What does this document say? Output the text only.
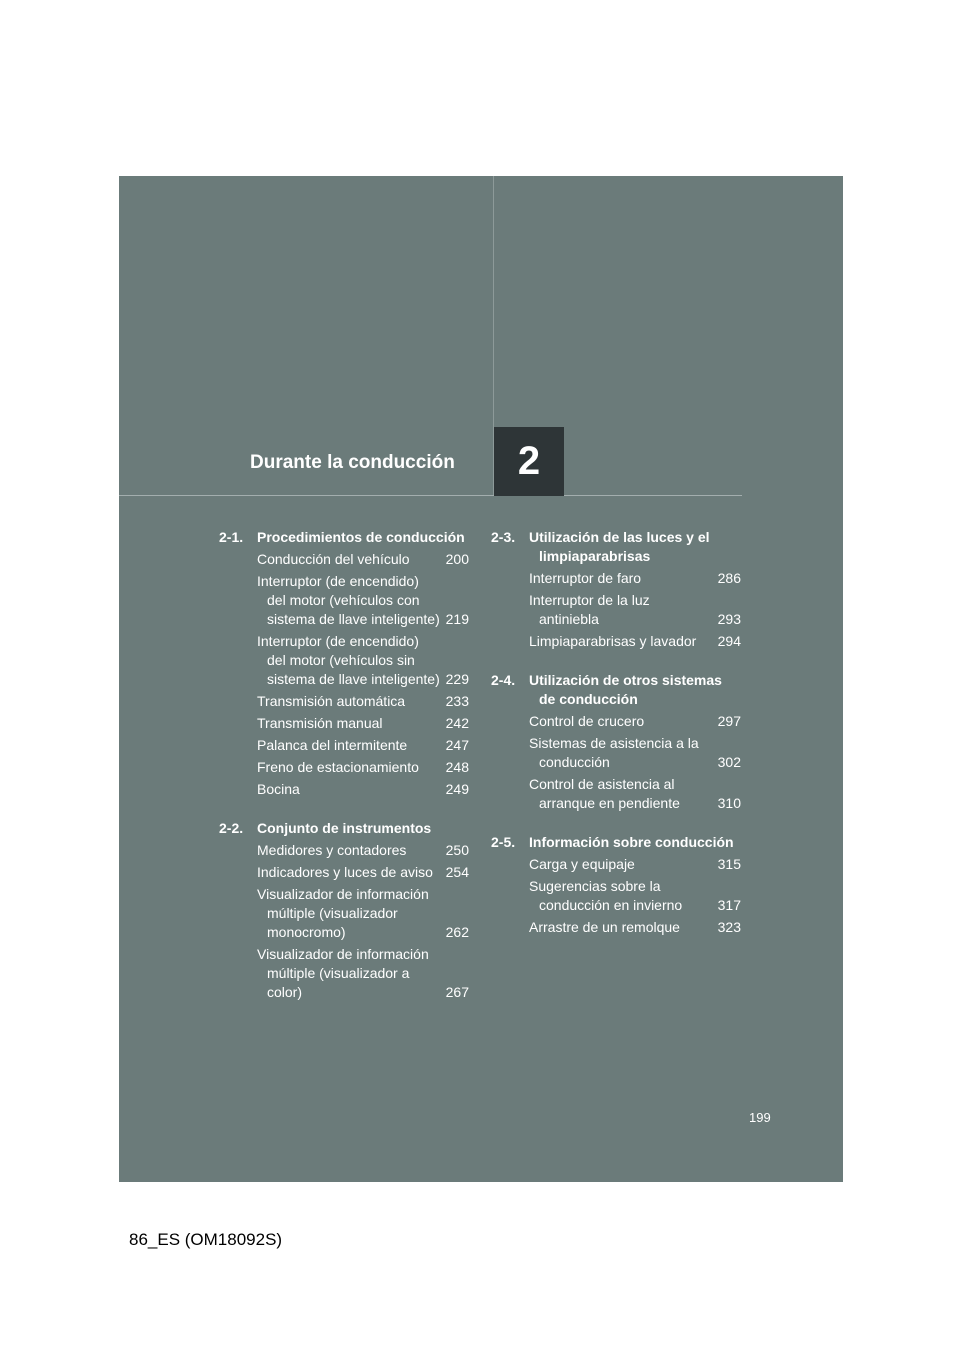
Durante la conducción	2
2-1. Procedimientos de conducción
Conducción del vehículo	200
Interruptor (de encendido) del motor (vehículos con sistema de llave inteligente) 219
Interruptor (de encendido) del motor (vehículos sin sistema de llave inteligente) 229
Transmisión automática	233
Transmisión manual	242
Palanca del intermitente	247
Freno de estacionamiento	248
Bocina	249
2-2. Conjunto de instrumentos
Medidores y contadores	250
Indicadores y luces de aviso 254
Visualizador de información múltiple (visualizador monocromo)	262
Visualizador de información múltiple (visualizador a color)	267
2-3. Utilización de las luces y el limpiaparabrisas
Interruptor de faro	286
Interruptor de la luz antiniebla	293
Limpiaparabrisas y lavador	294
2-4. Utilización de otros sistemas de conducción
Control de crucero	297
Sistemas de asistencia a la conducción	302
Control de asistencia al arranque en pendiente	310
2-5. Información sobre conducción
Carga y equipaje	315
Sugerencias sobre la conducción en invierno	317
Arrastre de un remolque	323
199
86_ES (OM18092S)
